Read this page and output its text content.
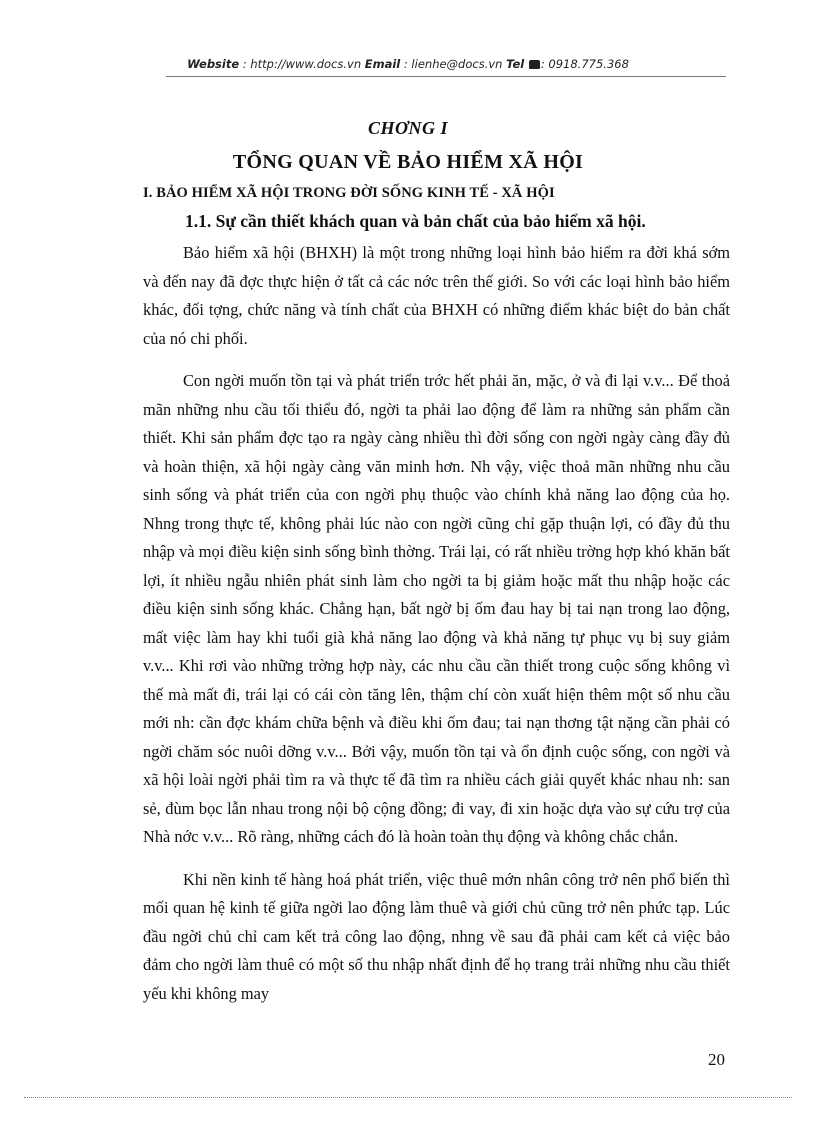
Website : http://www.docs.vn Email : lienhe@docs.vn Tel : 0918.775.368
CHƠNG I
TỔNG QUAN VỀ BẢO HIỂM XÃ HỘI
I. BẢO HIỂM XÃ HỘI TRONG ĐỜI SỐNG KINH TẾ - XÃ HỘI
1.1. Sự cần thiết khách quan và bản chất của bảo hiểm xã hội.

Bảo hiểm xã hội (BHXH) là một trong những loại hình bảo hiểm ra đời khá sớm và đến nay đã đợc thực hiện ở tất cả các nớc trên thế giới. So với các loại hình bảo hiểm khác, đối tợng, chức năng và tính chất của BHXH có những điểm khác biệt do bản chất của nó chi phối.

Con ngời muốn tồn tại và phát triển trớc hết phải ăn, mặc, ở và đi lại v.v... Để thoả mãn những nhu cầu tối thiểu đó, ngời ta phải lao động để làm ra những sản phẩm cần thiết. Khi sản phẩm đợc tạo ra ngày càng nhiều thì đời sống con ngời ngày càng đầy đủ và hoàn thiện, xã hội ngày càng văn minh hơn. Nh vậy, việc thoả mãn những nhu cầu sinh sống và phát triển của con ngời phụ thuộc vào chính khả năng lao động của họ. Nhng trong thực tế, không phải lúc nào con ngời cũng chỉ gặp thuận lợi, có đầy đủ thu nhập và mọi điều kiện sinh sống bình thờng. Trái lại, có rất nhiều trờng hợp khó khăn bất lợi, ít nhiều ngẫu nhiên phát sinh làm cho ngời ta bị giảm hoặc mất thu nhập hoặc các điều kiện sinh sống khác. Chẳng hạn, bất ngờ bị ốm đau hay bị tai nạn trong lao động, mất việc làm hay khi tuổi già khả năng lao động và khả năng tự phục vụ bị suy giảm v.v... Khi rơi vào những trờng hợp này, các nhu cầu cần thiết trong cuộc sống không vì thế mà mất đi, trái lại có cái còn tăng lên, thậm chí còn xuất hiện thêm một số nhu cầu mới nh: cần đợc khám chữa bệnh và điều khi ốm đau; tai nạn thơng tật nặng cần phải có ngời chăm sóc nuôi dỡng v.v... Bởi vậy, muốn tồn tại và ổn định cuộc sống, con ngời và xã hội loài ngời phải tìm ra và thực tế đã tìm ra nhiều cách giải quyết khác nhau nh: san sẻ, đùm bọc lẫn nhau trong nội bộ cộng đồng; đi vay, đi xin hoặc dựa vào sự cứu trợ của Nhà nớc v.v... Rõ ràng, những cách đó là hoàn toàn thụ động và không chắc chắn.

Khi nền kinh tế hàng hoá phát triển, việc thuê mớn nhân công trở nên phổ biến thì mối quan hệ kinh tế giữa ngời lao động làm thuê và giới chủ cũng trở nên phức tạp. Lúc đầu ngời chủ chỉ cam kết trả công lao động, nhng về sau đã phải cam kết cả việc bảo đảm cho ngời làm thuê có một số thu nhập nhất định để họ trang trải những nhu cầu thiết yếu khi không may

20
